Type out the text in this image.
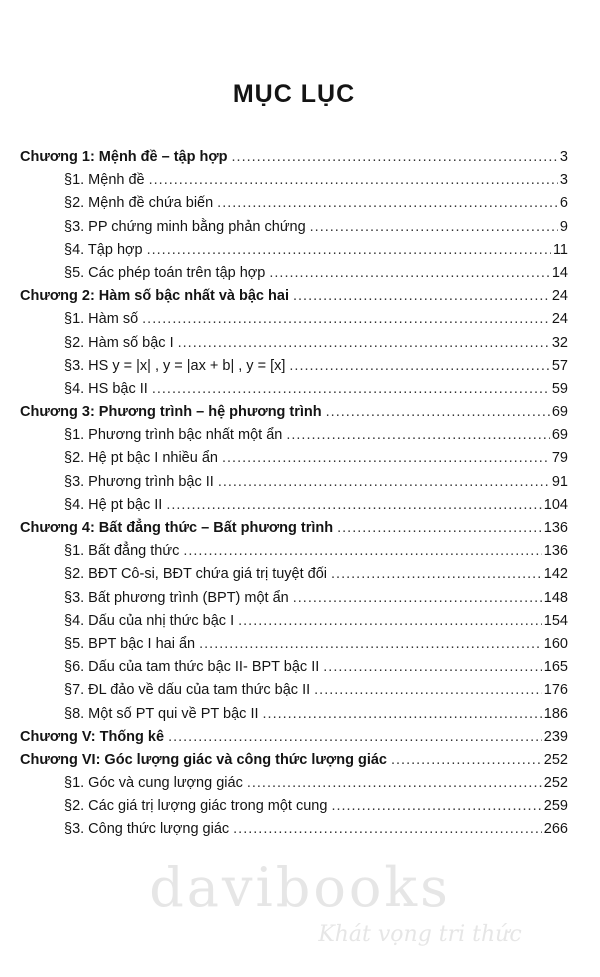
MỤC LỤC
Chương 1: Mệnh đề – tập hợp .....	3
§1. Mệnh đề .....	3
§2. Mệnh đề chứa biến .....	6
§3. PP chứng minh bằng phản chứng .....	9
§4. Tập hợp .....	11
§5. Các phép toán trên tập hợp .....	14
Chương 2: Hàm số bậc nhất và bậc hai .....	24
§1. Hàm số .....	24
§2. Hàm số bậc I .....	32
§3. HS y = |x| , y = |ax + b| , y = [x] .....	57
§4. HS bậc II .....	59
Chương 3: Phương trình – hệ phương trình .....	69
§1. Phương trình bậc nhất một ẩn .....	69
§2. Hệ pt bậc I nhiều ẩn .....	79
§3. Phương trình bậc II .....	91
§4. Hệ pt bậc II .....	104
Chương 4: Bất đẳng thức – Bất phương trình .....	136
§1. Bất đẳng thức .....	136
§2. BĐT Cô-si, BĐT chứa giá trị tuyệt đối .....	142
§3. Bất phương trình (BPT) một ẩn .....	148
§4. Dấu của nhị thức bậc I .....	154
§5. BPT bậc I hai ẩn .....	160
§6. Dấu của tam thức bậc II- BPT bậc II .....	165
§7. ĐL đảo về dấu của tam thức bậc II .....	176
§8. Một số PT qui về PT bậc II .....	186
Chương V: Thống kê .....	239
Chương VI: Góc lượng giác và công thức lượng giác .....	252
§1. Góc và cung lượng giác .....	252
§2. Các giá trị lượng giác trong một cung .....	259
§3. Công thức lượng giác .....	266
davibooks
Khát vọng tri thức
